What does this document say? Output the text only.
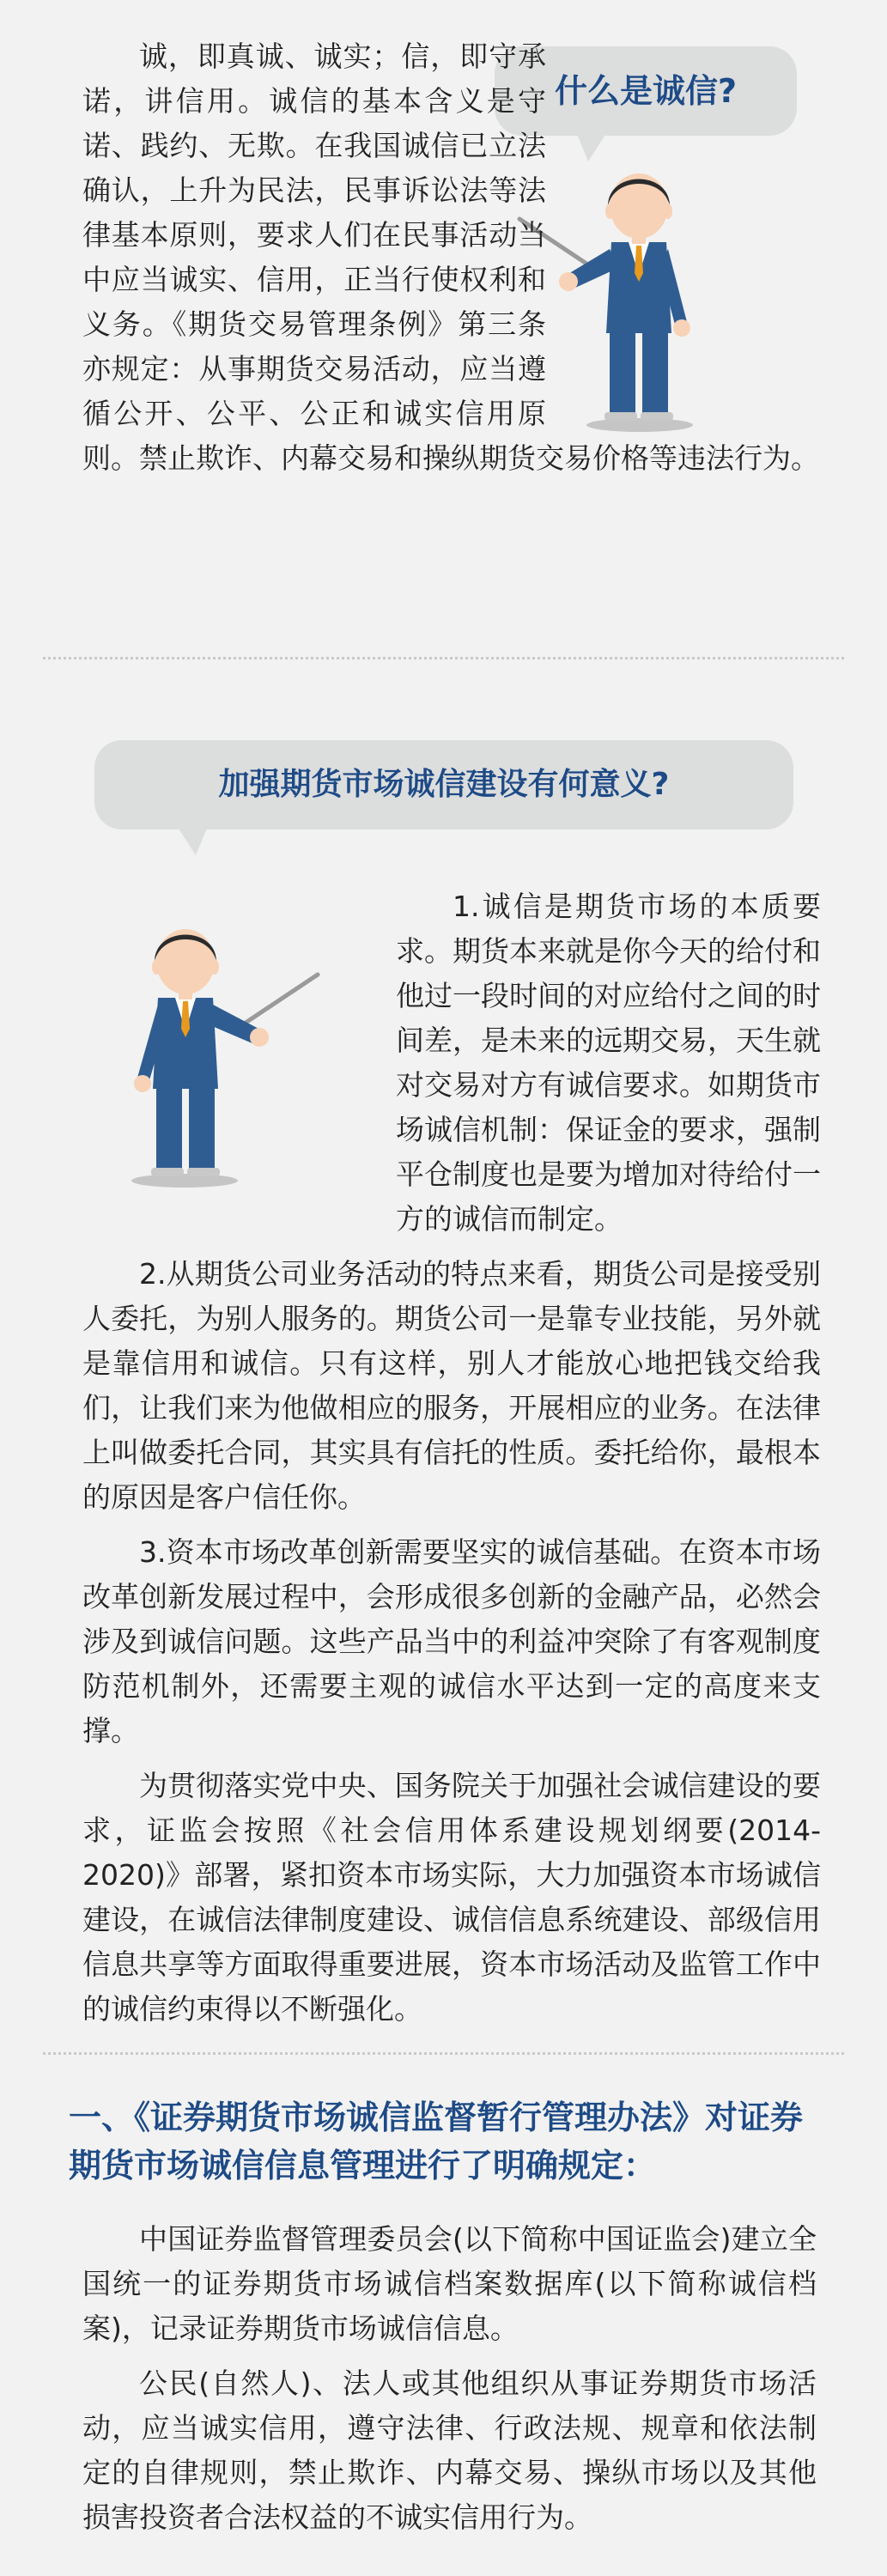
什么是诚信?

诚，即真诚、诚实；信，即守承诺，讲信用。诚信的基本含义是守诺、践约、无欺。在我国诚信已立法确认，上升为民法，民事诉讼法等法律基本原则，要求人们在民事活动当中应当诚实、信用，正当行使权利和义务。《期货交易管理条例》第三条亦规定：从事期货交易活动，应当遵循公开、公平、公正和诚实信用原则。禁止欺诈、内幕交易和操纵期货交易价格等违法行为。

加强期货市场诚信建设有何意义?

1.诚信是期货市场的本质要求。期货本来就是你今天的给付和他过一段时间的对应给付之间的时间差，是未来的远期交易，天生就对交易对方有诚信要求。如期货市场诚信机制：保证金的要求，强制平仓制度也是要为增加对待给付一方的诚信而制定。

2.从期货公司业务活动的特点来看，期货公司是接受别人委托，为别人服务的。期货公司一是靠专业技能，另外就是靠信用和诚信。只有这样，别人才能放心地把钱交给我们，让我们来为他做相应的服务，开展相应的业务。在法律上叫做委托合同，其实具有信托的性质。委托给你，最根本的原因是客户信任你。

3.资本市场改革创新需要坚实的诚信基础。在资本市场改革创新发展过程中，会形成很多创新的金融产品，必然会涉及到诚信问题。这些产品当中的利益冲突除了有客观制度防范机制外，还需要主观的诚信水平达到一定的高度来支撑。

为贯彻落实党中央、国务院关于加强社会诚信建设的要求，证监会按照《社会信用体系建设规划纲要(2014-2020)》部署，紧扣资本市场实际，大力加强资本市场诚信建设，在诚信法律制度建设、诚信信息系统建设、部级信用信息共享等方面取得重要进展，资本市场活动及监管工作中的诚信约束得以不断强化。

一、《证券期货市场诚信监督暂行管理办法》对证券期货市场诚信信息管理进行了明确规定：

中国证券监督管理委员会(以下简称中国证监会)建立全国统一的证券期货市场诚信档案数据库(以下简称诚信档案)，记录证券期货市场诚信信息。

公民(自然人)、法人或其他组织从事证券期货市场活动，应当诚实信用，遵守法律、行政法规、规章和依法制定的自律规则，禁止欺诈、内幕交易、操纵市场以及其他损害投资者合法权益的不诚实信用行为。
